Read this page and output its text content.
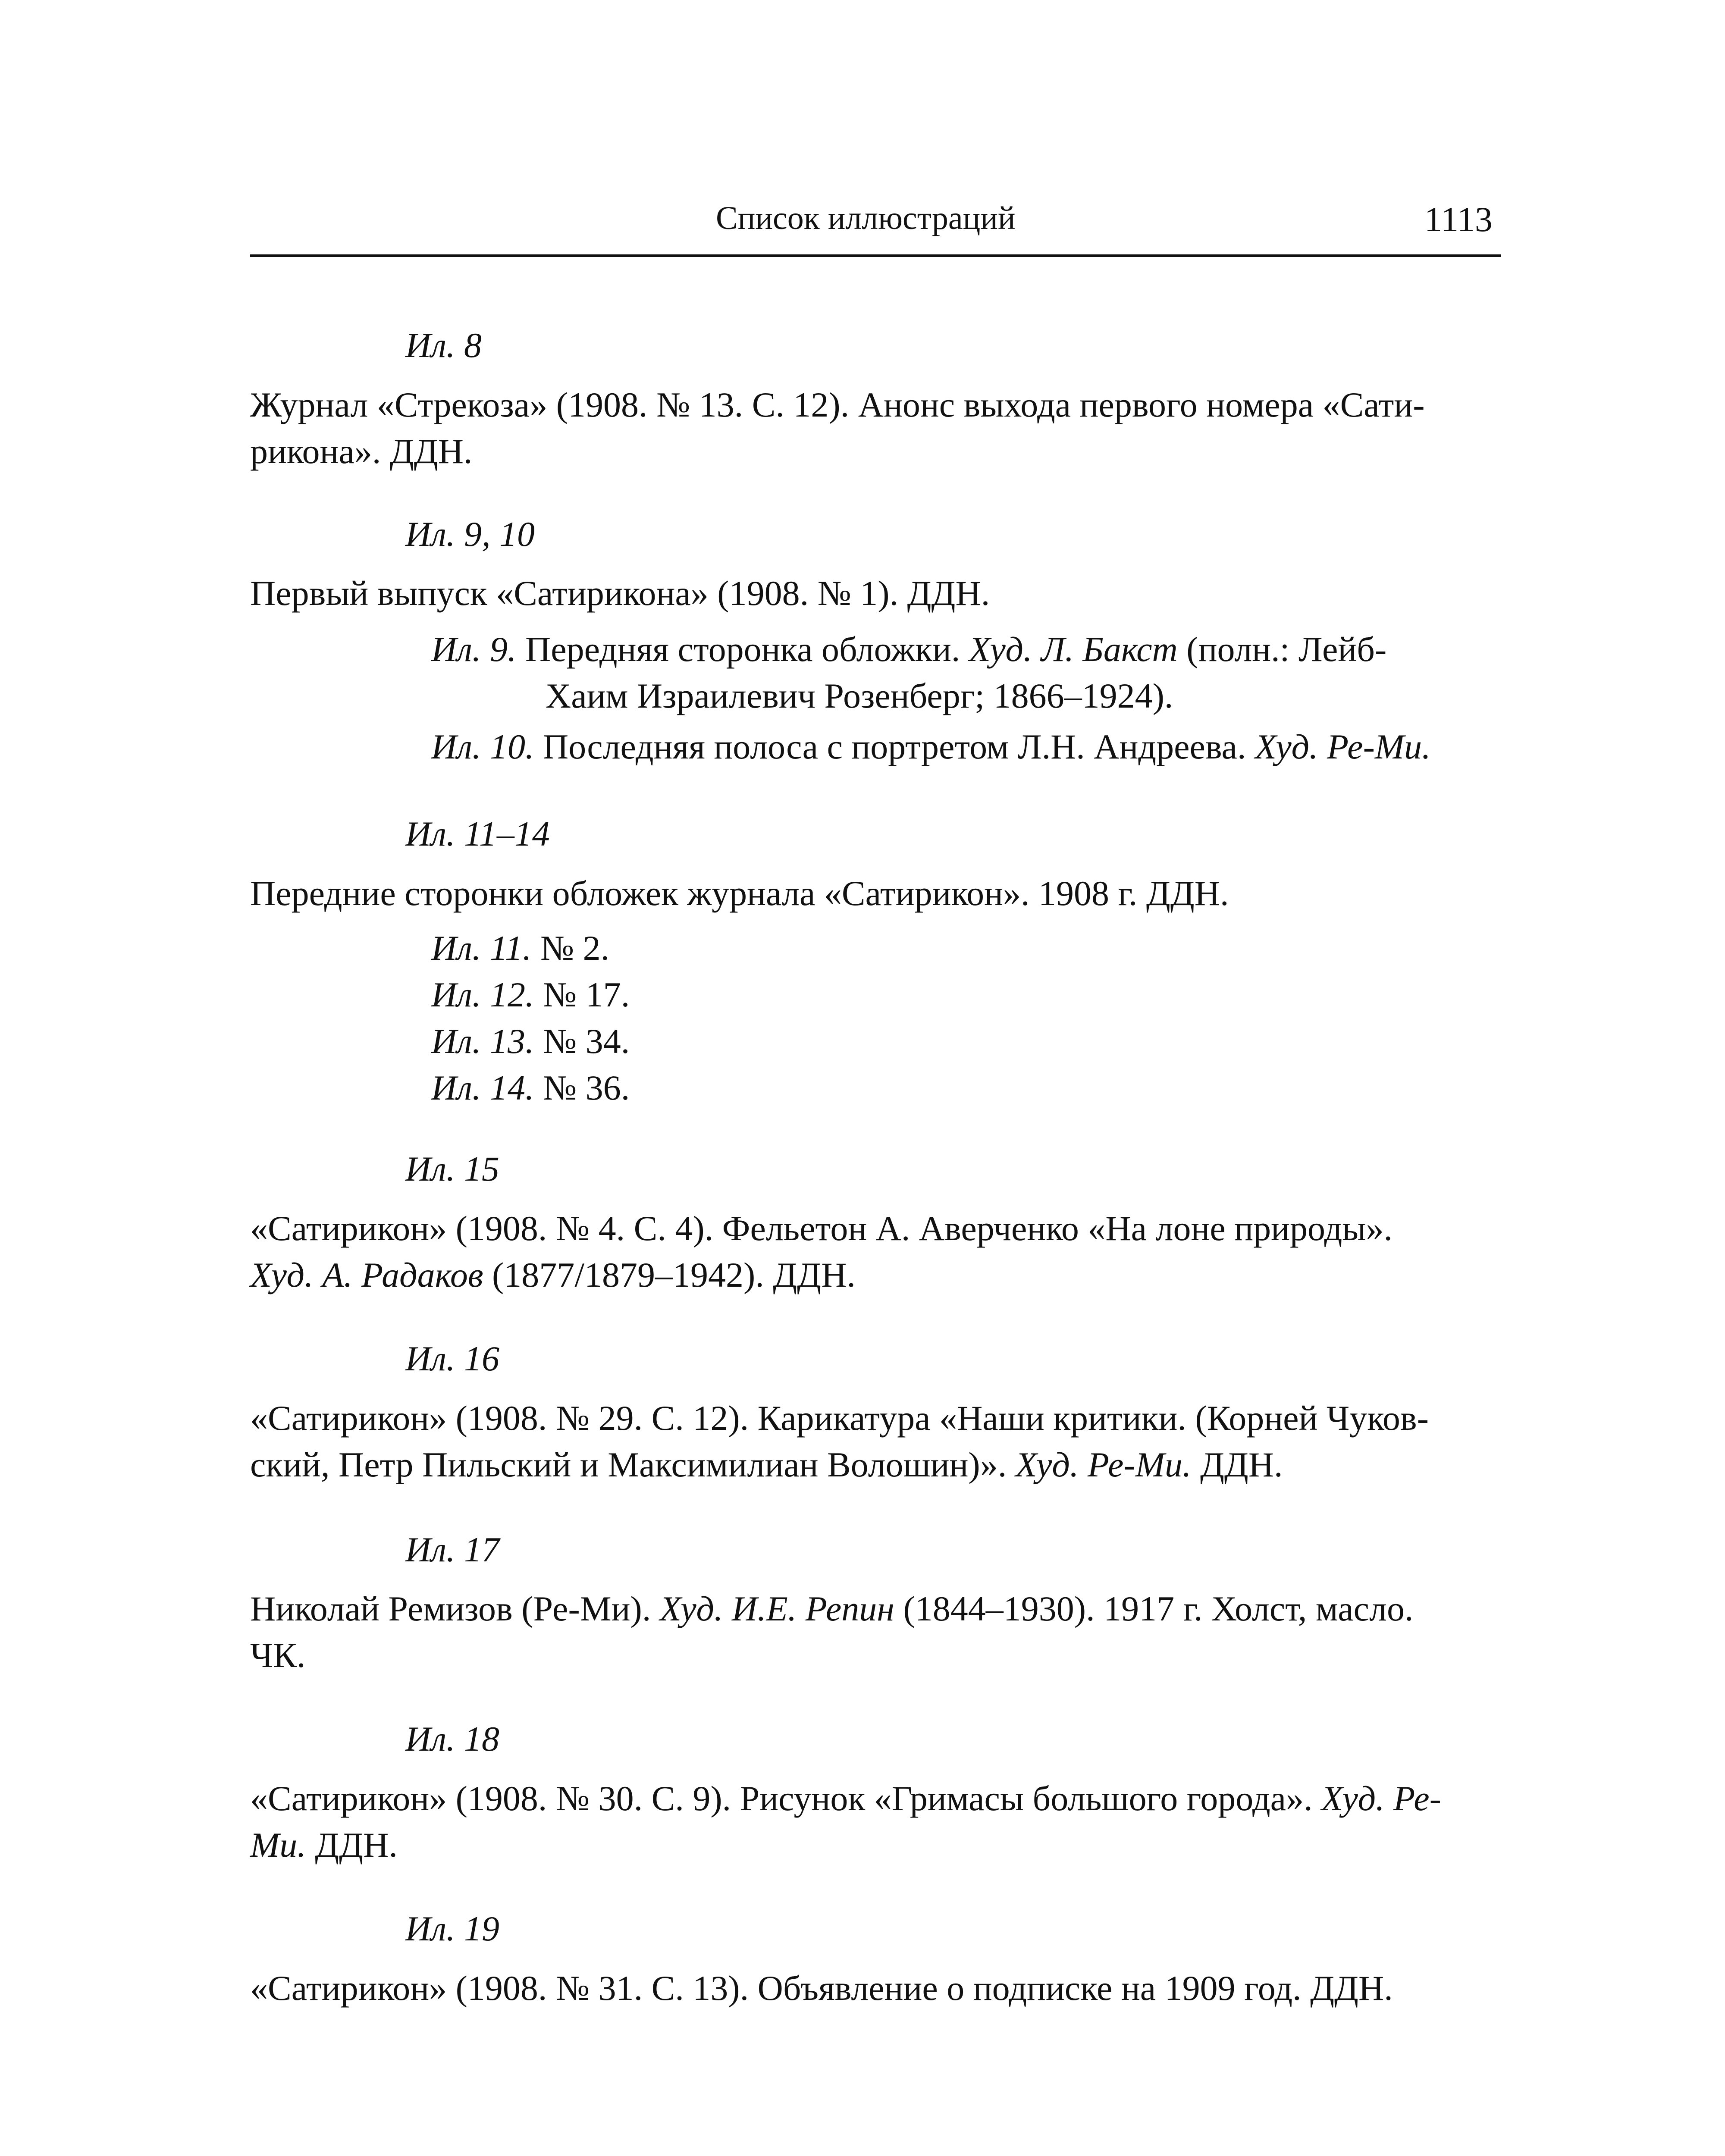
Список иллюстраций	1113
Ил. 8
Журнал «Стрекоза» (1908. № 13. С. 12). Анонс выхода первого номера «Сати-
рикона». ДДН.
Ил. 9, 10
Первый выпуск «Сатирикона» (1908. № 1). ДДН.
Ил. 9. Передняя сторонка обложки. Худ. Л. Бакст (полн.: Лейб-
Хаим Израилевич Розенберг; 1866–1924).
Ил. 10. Последняя полоса с портретом Л.Н. Андреева. Худ. Ре-Ми.
Ил. 11–14
Передние сторонки обложек журнала «Сатирикон». 1908 г. ДДН.
Ил. 11. № 2.
Ил. 12. № 17.
Ил. 13. № 34.
Ил. 14. № 36.
Ил. 15
«Сатирикон» (1908. № 4. С. 4). Фельетон А. Аверченко «На лоне природы».
Худ. А. Радаков (1877/1879–1942). ДДН.
Ил. 16
«Сатирикон» (1908. № 29. С. 12). Карикатура «Наши критики. (Корней Чуков-
ский, Петр Пильский и Максимилиан Волошин)». Худ. Ре-Ми. ДДН.
Ил. 17
Николай Ремизов (Ре-Ми). Худ. И.Е. Репин (1844–1930). 1917 г. Холст, масло.
ЧК.
Ил. 18
«Сатирикон» (1908. № 30. С. 9). Рисунок «Гримасы большого города». Худ. Ре-
Ми. ДДН.
Ил. 19
«Сатирикон» (1908. № 31. С. 13). Объявление о подписке на 1909 год. ДДН.
